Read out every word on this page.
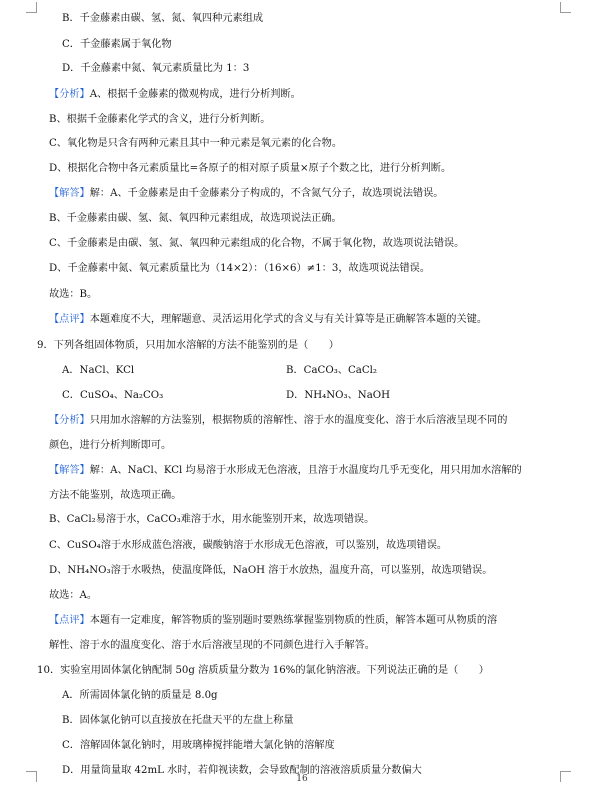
B．千金藤素由碳、氢、氮、氧四种元素组成
C．千金藤素属于氧化物
D．千金藤素中氮、氧元素质量比为 1：3
【分析】A、根据千金藤素的微观构成，进行分析判断。
B、根据千金藤素化学式的含义，进行分析判断。
C、氧化物是只含有两种元素且其中一种元素是氧元素的化合物。
D、根据化合物中各元素质量比=各原子的相对原子质量×原子个数之比，进行分析判断。
【解答】解：A、千金藤素是由千金藤素分子构成的，不含氮气分子，故选项说法错误。
B、千金藤素由碳、氢、氮、氧四种元素组成，故选项说法正确。
C、千金藤素是由碳、氢、氮、氧四种元素组成的化合物，不属于氧化物，故选项说法错误。
D、千金藤素中氮、氧元素质量比为（14×2）：（16×6）≠1：3，故选项说法错误。
故选：B。
【点评】本题难度不大，理解题意、灵活运用化学式的含义与有关计算等是正确解答本题的关键。
9．下列各组固体物质，只用加水溶解的方法不能鉴别的是（　　）
A．NaCl、KCl	B．CaCO₃、CaCl₂
C．CuSO₄、Na₂CO₃	D．NH₄NO₃、NaOH
【分析】只用加水溶解的方法鉴别，根据物质的溶解性、溶于水的温度变化、溶于水后溶液呈现不同的
颜色，进行分析判断即可。
【解答】解：A、NaCl、KCl 均易溶于水形成无色溶液，且溶于水温度均几乎无变化，用只用加水溶解的
方法不能鉴别，故选项正确。
B、CaCl₂易溶于水，CaCO₃难溶于水，用水能鉴别开来，故选项错误。
C、CuSO₄溶于水形成蓝色溶液，碳酸钠溶于水形成无色溶液，可以鉴别，故选项错误。
D、NH₄NO₃溶于水吸热，使温度降低，NaOH 溶于水放热，温度升高，可以鉴别，故选项错误。
故选：A。
【点评】本题有一定难度，解答物质的鉴别题时要熟练掌握鉴别物质的性质，解答本题可从物质的溶
解性、溶于水的温度变化、溶于水后溶液呈现的不同颜色进行入手解答。
10．实验室用固体氯化钠配制 50g 溶质质量分数为 16%的氯化钠溶液。下列说法正确的是（　　）
A．所需固体氯化钠的质量是 8.0g
B．固体氯化钠可以直接放在托盘天平的左盘上称量
C．溶解固体氯化钠时，用玻璃棒搅拌能增大氯化钠的溶解度
D．用量筒量取 42mL 水时，若仰视读数，会导致配制的溶液溶质质量分数偏大
16
